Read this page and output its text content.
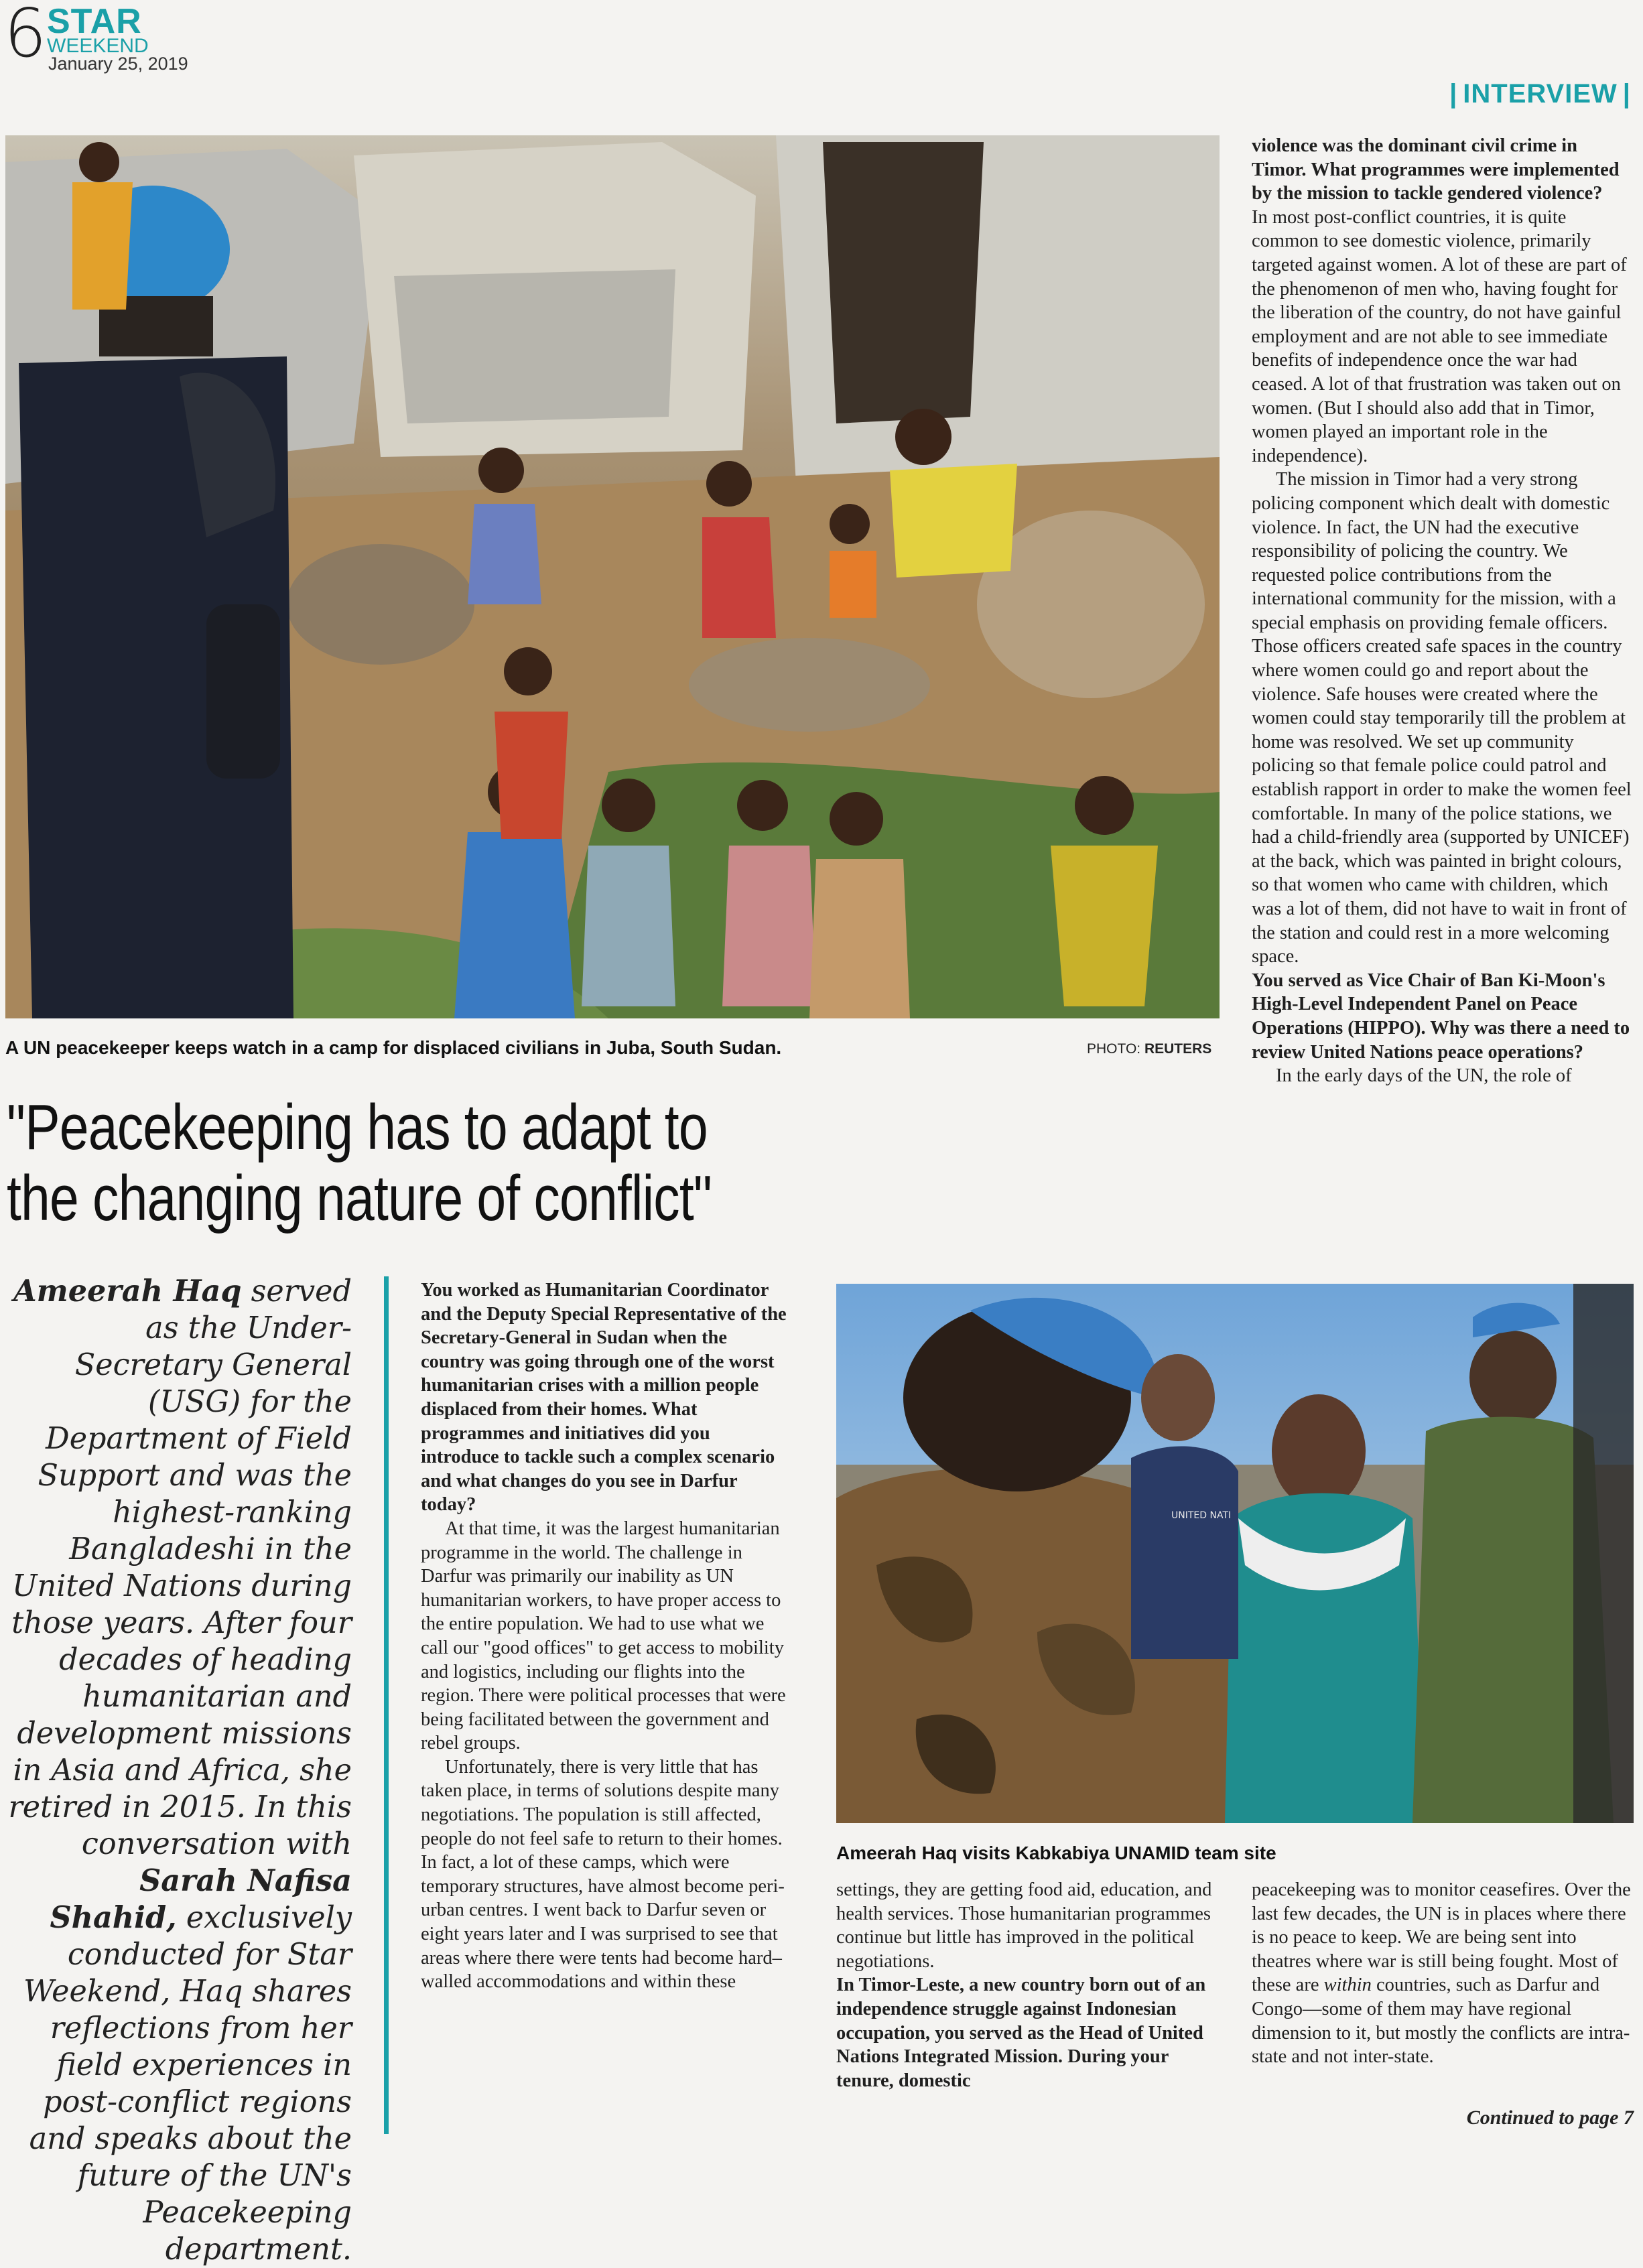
6 STAR
WEEKEND
January 25, 2019
| INTERVIEW |
A UN peacekeeper keeps watch in a camp for displaced civilians in Juba, South Sudan.	PHOTO: REUTERS
"Peacekeeping has to adapt to the changing nature of conflict"
Ameerah Haq served as the Under-Secretary General (USG) for the Department of Field Support and was the highest-ranking Bangladeshi in the United Nations during those years. After four decades of heading humanitarian and development missions in Asia and Africa, she retired in 2015. In this conversation with Sarah Nafisa Shahid, exclusively conducted for Star Weekend, Haq shares reflections from her field experiences in post-conflict regions and speaks about the future of the UN's Peacekeeping department.

You worked as Humanitarian Coordinator and the Deputy Special Representative of the Secretary-General in Sudan when the country was going through one of the worst humanitarian crises with a million people displaced from their homes. What programmes and initiatives did you introduce to tackle such a complex scenario and what changes do you see in Darfur today?

At that time, it was the largest humanitarian programme in the world. The challenge in Darfur was primarily our inability as UN humanitarian workers, to have proper access to the entire population. We had to use what we call our "good offices" to get access to mobility and logistics, including our flights into the region. There were political processes that were being facilitated between the government and rebel groups.

Unfortunately, there is very little that has taken place, in terms of solutions despite many negotiations. The population is still affected, people do not feel safe to return to their homes. In fact, a lot of these camps, which were temporary structures, have almost become peri-urban centres. I went back to Darfur seven or eight years later and I was surprised to see that areas where there were tents had become hard–walled accommodations and within these

UNITED NATI
Ameerah Haq visits Kabkabiya UNAMID team site

settings, they are getting food aid, education, and health services. Those humanitarian programmes continue but little has improved in the political negotiations.

In Timor-Leste, a new country born out of an independence struggle against Indonesian occupation, you served as the Head of United Nations Integrated Mission. During your tenure, domestic

violence was the dominant civil crime in Timor. What programmes were implemented by the mission to tackle gendered violence?

In most post-conflict countries, it is quite common to see domestic violence, primarily targeted against women. A lot of these are part of the phenomenon of men who, having fought for the liberation of the country, do not have gainful employment and are not able to see immediate benefits of independence once the war had ceased. A lot of that frustration was taken out on women. (But I should also add that in Timor, women played an important role in the independence).

The mission in Timor had a very strong policing component which dealt with domestic violence. In fact, the UN had the executive responsibility of policing the country. We requested police contributions from the international community for the mission, with a special emphasis on providing female officers. Those officers created safe spaces in the country where women could go and report about the violence. Safe houses were created where the women could stay temporarily till the problem at home was resolved. We set up community policing so that female police could patrol and establish rapport in order to make the women feel comfortable. In many of the police stations, we had a child-friendly area (supported by UNICEF) at the back, which was painted in bright colours, so that women who came with children, which was a lot of them, did not have to wait in front of the station and could rest in a more welcoming space.

You served as Vice Chair of Ban Ki-Moon's High-Level Independent Panel on Peace Operations (HIPPO). Why was there a need to review United Nations peace operations?

In the early days of the UN, the role of

peacekeeping was to monitor ceasefires. Over the last few decades, the UN is in places where there is no peace to keep. We are being sent into theatres where war is still being fought. Most of these are within countries, such as Darfur and Congo—some of them may have regional dimension to it, but mostly the conflicts are intra-state and not inter-state.

Continued to page 7
